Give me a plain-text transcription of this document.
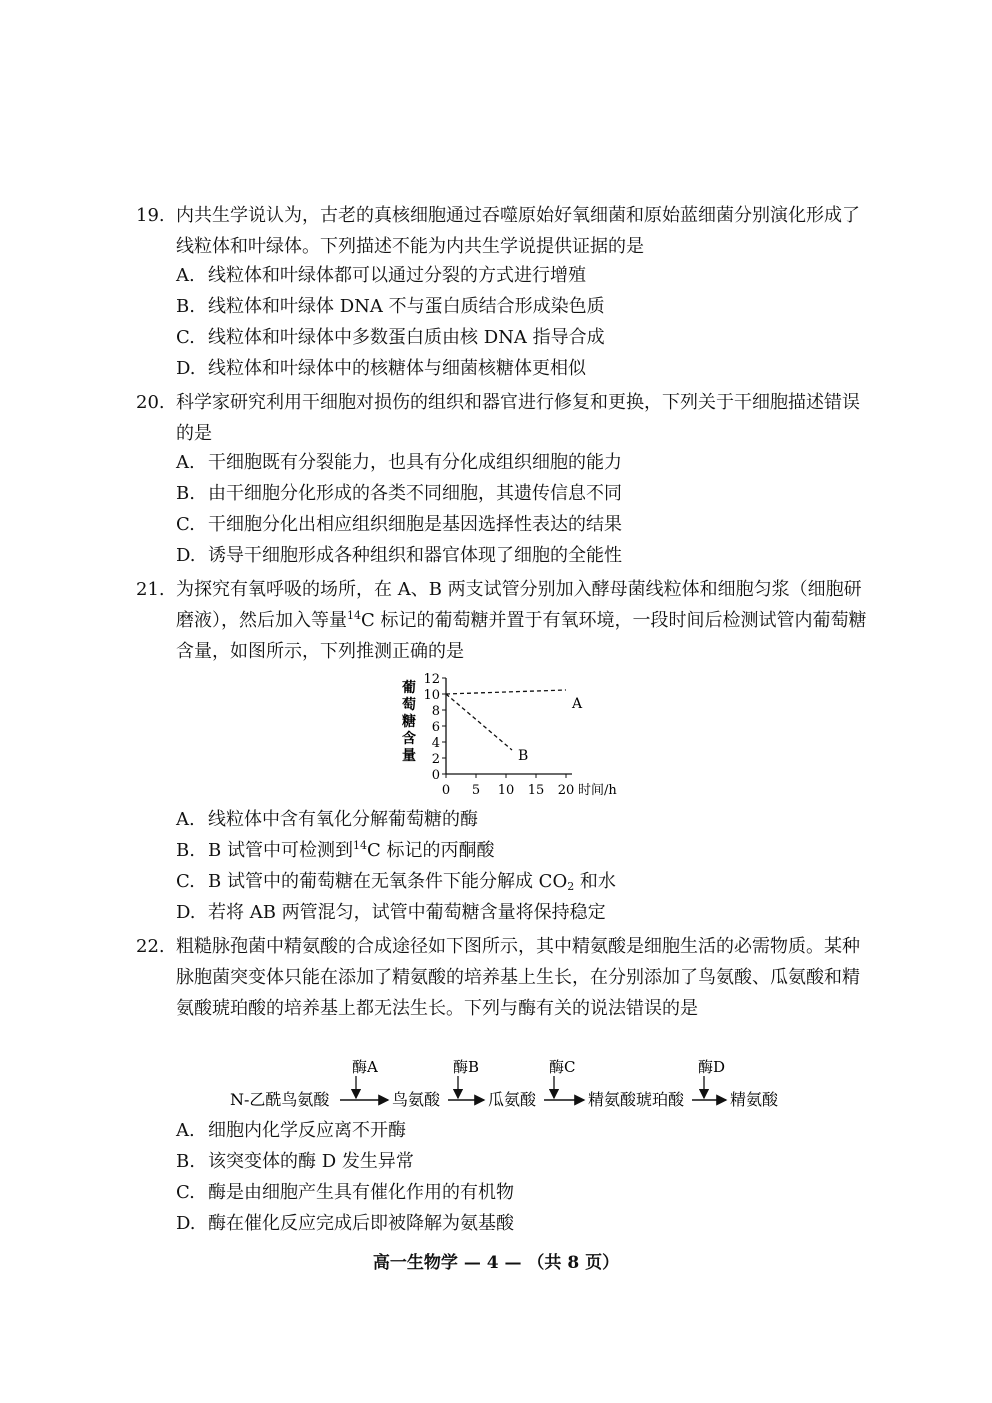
19. 内共生学说认为，古老的真核细胞通过吞噬原始好氧细菌和原始蓝细菌分别演化形成了线粒体和叶绿体。下列描述不能为内共生学说提供证据的是
A. 线粒体和叶绿体都可以通过分裂的方式进行增殖
B. 线粒体和叶绿体 DNA 不与蛋白质结合形成染色质
C. 线粒体和叶绿体中多数蛋白质由核 DNA 指导合成
D. 线粒体和叶绿体中的核糖体与细菌核糖体更相似
20. 科学家研究利用干细胞对损伤的组织和器官进行修复和更换，下列关于干细胞描述错误的是
A. 干细胞既有分裂能力，也具有分化成组织细胞的能力
B. 由干细胞分化形成的各类不同细胞，其遗传信息不同
C. 干细胞分化出相应组织细胞是基因选择性表达的结果
D. 诱导干细胞形成各种组织和器官体现了细胞的全能性
21. 为探究有氧呼吸的场所，在 A、B 两支试管分别加入酵母菌线粒体和细胞匀浆（细胞研磨液），然后加入等量$^{14}$C 标记的葡萄糖并置于有氧环境，一段时间后检测试管内葡萄糖含量，如图所示，下列推测正确的是
0
2
4
6
8
10
12
0 5 10 15 20 时间/h
葡萄糖含量
A
B
A. 线粒体中含有氧化分解葡萄糖的酶
B. B 试管中可检测到$^{14}$C 标记的丙酮酸
C. B 试管中的葡萄糖在无氧条件下能分解成 $CO_2$ 和水
D. 若将 AB 两管混匀，试管中葡萄糖含量将保持稳定
22. 粗糙脉孢菌中精氨酸的合成途径如下图所示，其中精氨酸是细胞生活的必需物质。某种脉胞菌突变体只能在添加了精氨酸的培养基上生长，在分别添加了鸟氨酸、瓜氨酸和精氨酸琥珀酸的培养基上都无法生长。下列与酶有关的说法错误的是
N-乙酰鸟氨酸	鸟氨酸	瓜氨酸	精氨酸琥珀酸	精氨酸
酶A	酶B	酶C	酶D
A. 细胞内化学反应离不开酶
B. 该突变体的酶 D 发生异常
C. 酶是由细胞产生具有催化作用的有机物
D. 酶在催化反应完成后即被降解为氨基酸
高一生物学 — 4 — （共 8 页）
